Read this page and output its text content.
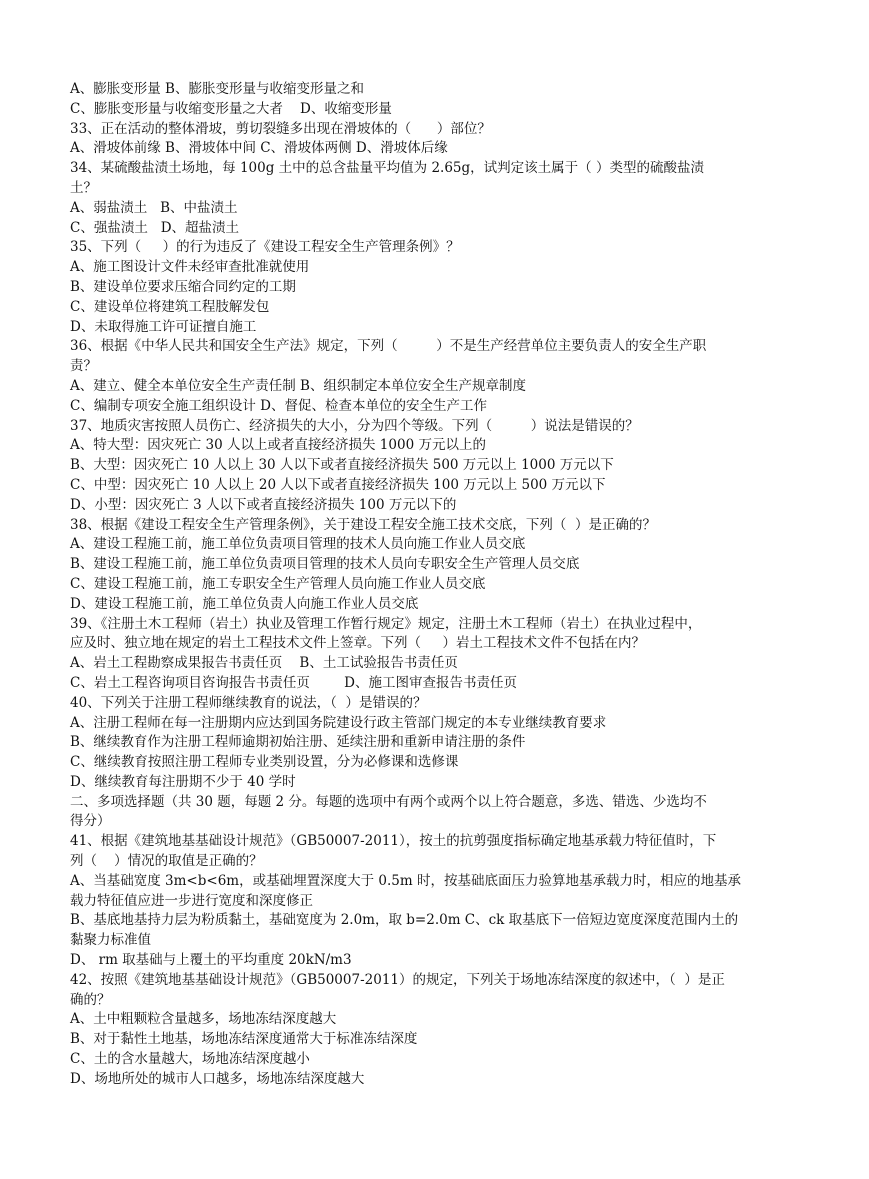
A、膨胀变形量 B、膨胀变形量与收缩变形量之和
C、膨胀变形量与收缩变形量之大者    D、收缩变形量
33、正在活动的整体滑坡，剪切裂缝多出现在滑坡体的（      ）部位？
A、滑坡体前缘 B、滑坡体中间 C、滑坡体两侧 D、滑坡体后缘
34、某硫酸盐渍土场地，每 100g 土中的总含盐量平均值为 2.65g，试判定该土属于（ ）类型的硫酸盐渍
土？
A、弱盐渍土   B、中盐渍土
C、强盐渍土   D、超盐渍土
35、下列（     ）的行为违反了《建设工程安全生产管理条例》？
A、施工图设计文件未经审查批准就使用
B、建设单位要求压缩合同约定的工期
C、建设单位将建筑工程肢解发包
D、未取得施工许可证擅自施工
36、根据《中华人民共和国安全生产法》规定，下列（         ）不是生产经营单位主要负责人的安全生产职
责？
A、建立、健全本单位安全生产责任制 B、组织制定本单位安全生产规章制度
C、编制专项安全施工组织设计 D、督促、检查本单位的安全生产工作
37、地质灾害按照人员伤亡、经济损失的大小，分为四个等级。下列（         ）说法是错误的？
A、特大型：因灾死亡 30 人以上或者直接经济损失 1000 万元以上的
B、大型：因灾死亡 10 人以上 30 人以下或者直接经济损失 500 万元以上 1000 万元以下
C、中型：因灾死亡 10 人以上 20 人以下或者直接经济损失 100 万元以上 500 万元以下
D、小型：因灾死亡 3 人以下或者直接经济损失 100 万元以下的
38、根据《建设工程安全生产管理条例》，关于建设工程安全施工技术交底，下列（  ）是正确的？
A、建设工程施工前，施工单位负责项目管理的技术人员向施工作业人员交底
B、建设工程施工前，施工单位负责项目管理的技术人员向专职安全生产管理人员交底
C、建设工程施工前，施工专职安全生产管理人员向施工作业人员交底
D、建设工程施工前，施工单位负责人向施工作业人员交底
39、《注册土木工程师（岩土）执业及管理工作暂行规定》规定，注册土木工程师（岩土）在执业过程中，
应及时、独立地在规定的岩土工程技术文件上签章。下列（     ）岩土工程技术文件不包括在内？
A、岩土工程勘察成果报告书责任页    B、土工试验报告书责任页
C、岩土工程咨询项目咨询报告书责任页        D、施工图审查报告书责任页
40、下列关于注册工程师继续教育的说法，（  ）是错误的？
A、注册工程师在每一注册期内应达到国务院建设行政主管部门规定的本专业继续教育要求
B、继续教育作为注册工程师逾期初始注册、延续注册和重新申请注册的条件
C、继续教育按照注册工程师专业类别设置，分为必修课和选修课
D、继续教育每注册期不少于 40 学时
二、多项选择题（共 30 题，每题 2 分。每题的选项中有两个或两个以上符合题意，多选、错选、少选均不
得分）
41、根据《建筑地基基础设计规范》（GB50007-2011），按土的抗剪强度指标确定地基承载力特征值时，下
列（    ）情况的取值是正确的？
A、当基础宽度 3m<b<6m，或基础埋置深度大于 0.5m 时，按基础底面压力验算地基承载力时，相应的地基承
载力特征值应进一步进行宽度和深度修正
B、基底地基持力层为粉质黏土，基础宽度为 2.0m，取 b=2.0m C、ck 取基底下一倍短边宽度深度范围内土的
黏聚力标准值
D、 rm 取基础与上覆土的平均重度 20kN/m3
42、按照《建筑地基基础设计规范》（GB50007-2011）的规定，下列关于场地冻结深度的叙述中，（  ）是正
确的？
A、土中粗颗粒含量越多，场地冻结深度越大
B、对于黏性土地基，场地冻结深度通常大于标准冻结深度
C、土的含水量越大，场地冻结深度越小
D、场地所处的城市人口越多，场地冻结深度越大
